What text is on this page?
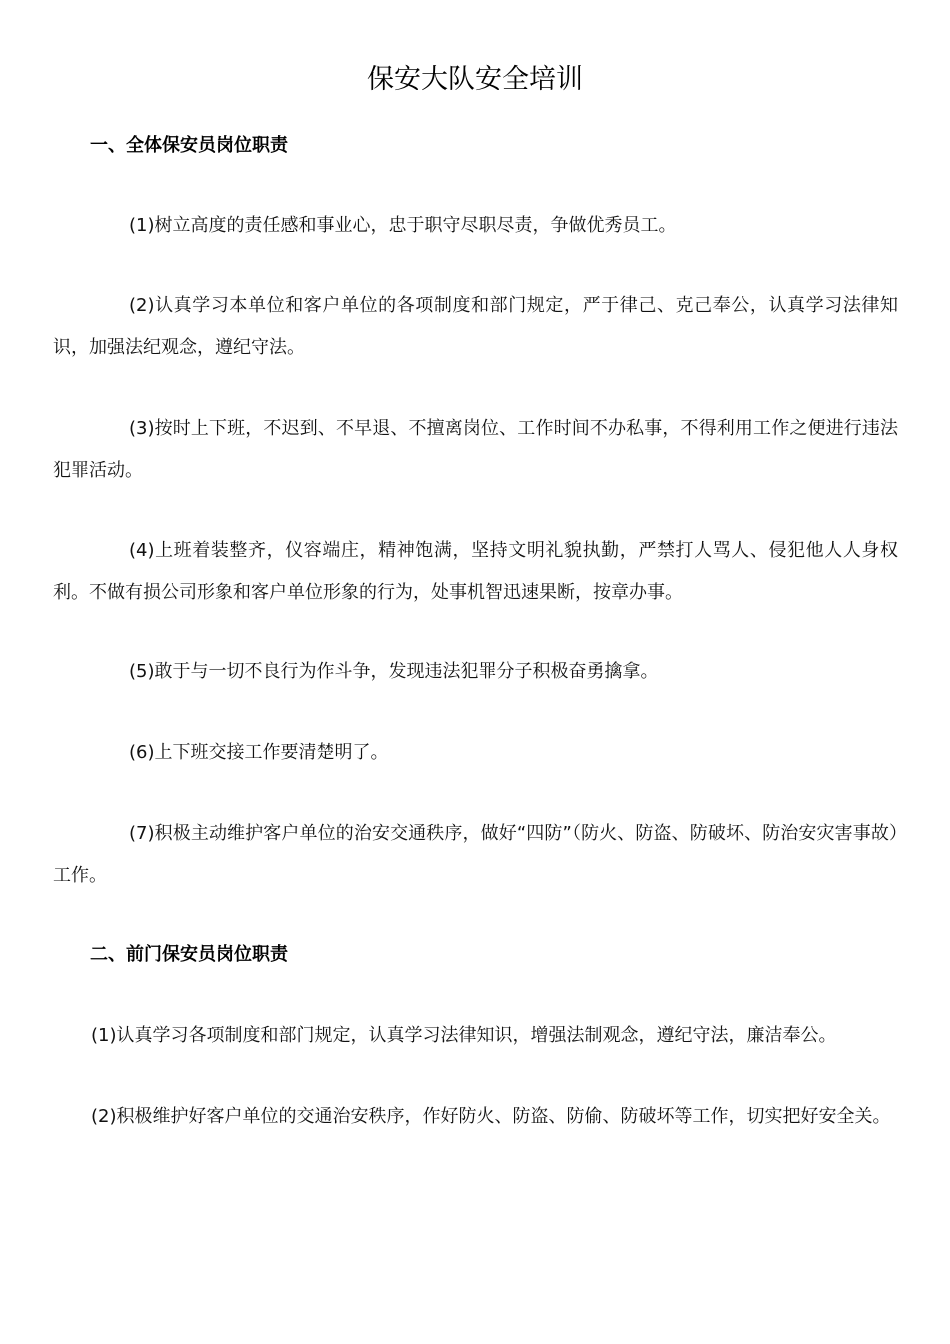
保安大队安全培训
一、全体保安员岗位职责

(1)树立高度的责任感和事业心，忠于职守尽职尽责，争做优秀员工。

(2)认真学习本单位和客户单位的各项制度和部门规定，严于律己、克己奉公，认真学习法律知识，加强法纪观念，遵纪守法。

(3)按时上下班，不迟到、不早退、不擅离岗位、工作时间不办私事，不得利用工作之便进行违法犯罪活动。

(4)上班着装整齐，仪容端庄，精神饱满，坚持文明礼貌执勤，严禁打人骂人、侵犯他人人身权利。不做有损公司形象和客户单位形象的行为，处事机智迅速果断，按章办事。

(5)敢于与一切不良行为作斗争，发现违法犯罪分子积极奋勇擒拿。

(6)上下班交接工作要清楚明了。

(7)积极主动维护客户单位的治安交通秩序，做好“四防”（防火、防盗、防破坏、防治安灾害事故）工作。

二、前门保安员岗位职责

(1)认真学习各项制度和部门规定，认真学习法律知识，增强法制观念，遵纪守法，廉洁奉公。

(2)积极维护好客户单位的交通治安秩序，作好防火、防盗、防偷、防破坏等工作，切实把好安全关。
